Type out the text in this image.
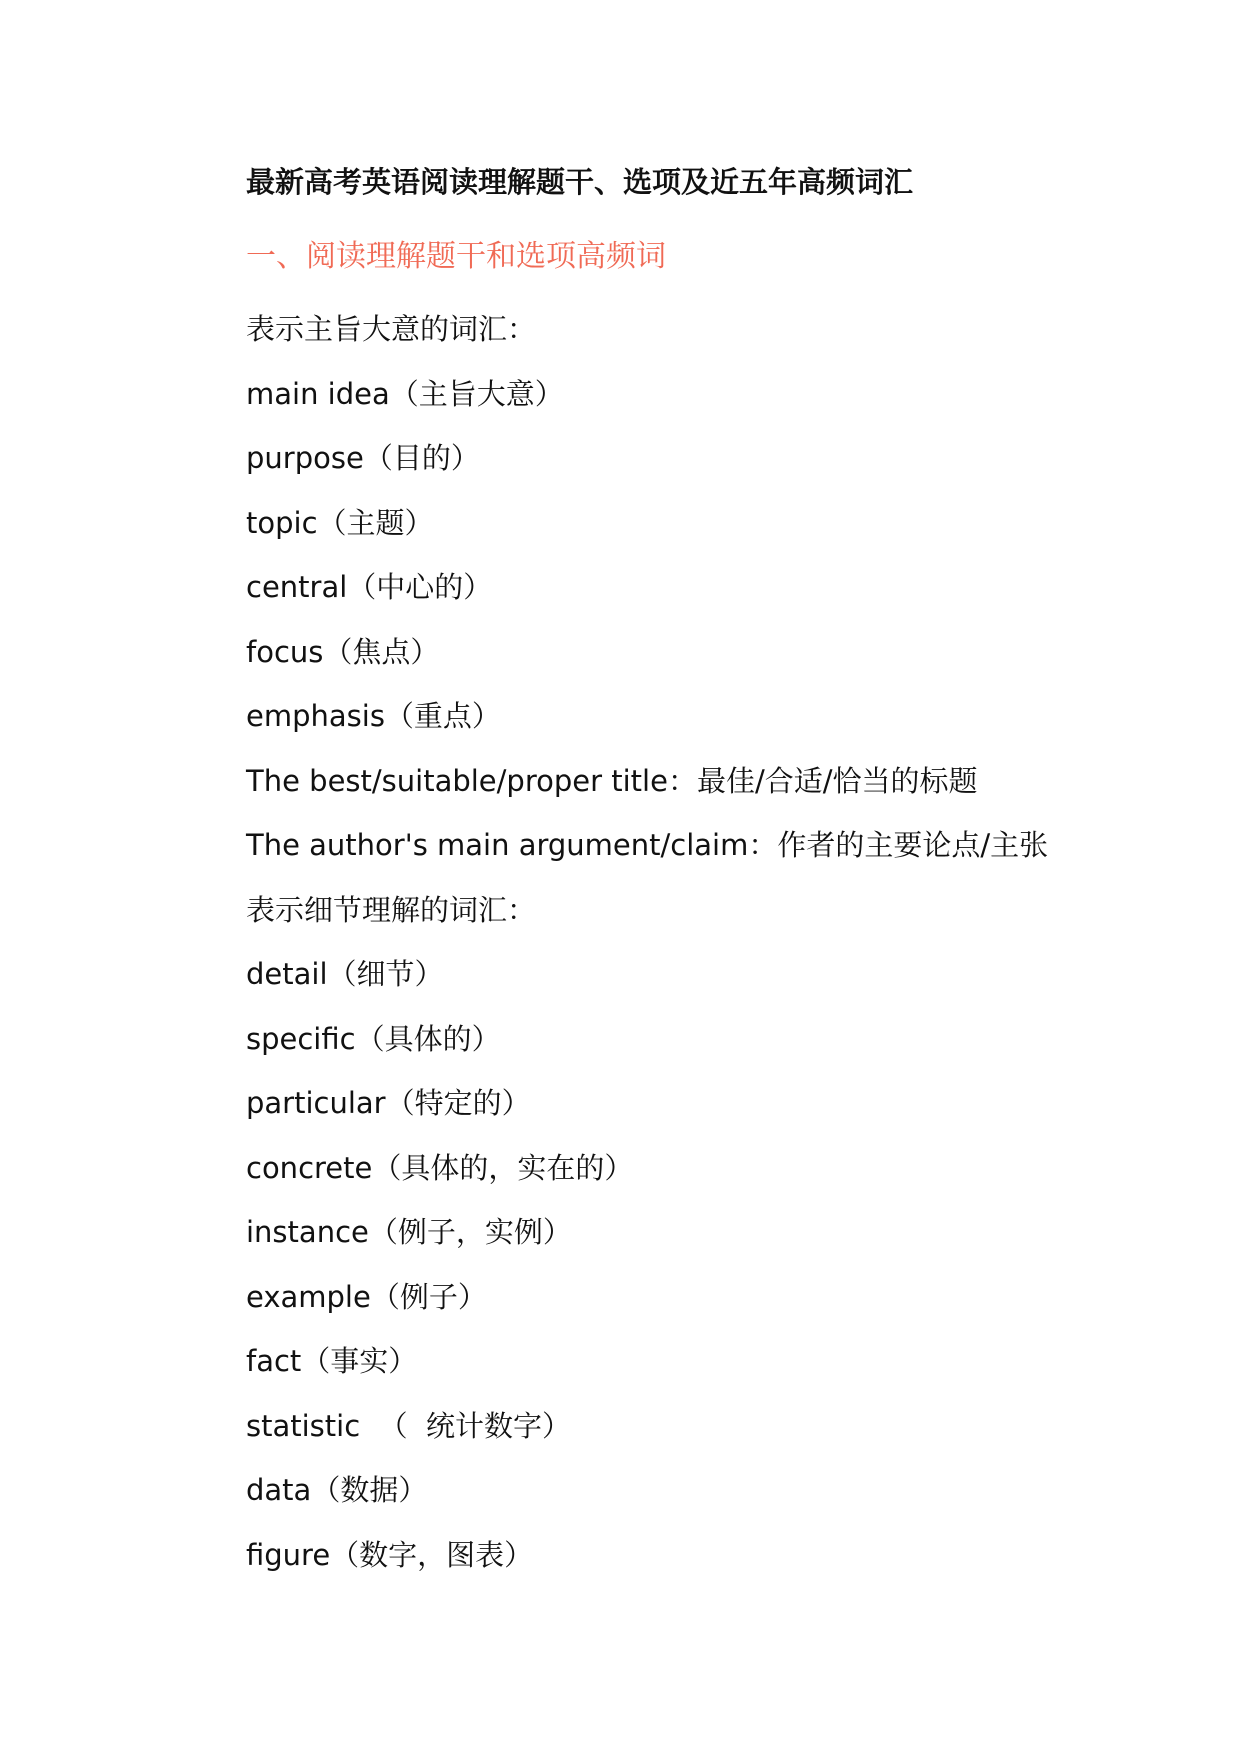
最新高考英语阅读理解题干、选项及近五年高频词汇
一、阅读理解题干和选项高频词
表示主旨大意的词汇：
main idea（主旨大意）
purpose（目的）
topic（主题）
central（中心的）
focus（焦点）
emphasis（重点）
The best/suitable/proper title：最佳/合适/恰当的标题
The author's main argument/claim：作者的主要论点/主张
表示细节理解的词汇：
detail（细节）
specific（具体的）
particular（特定的）
concrete（具体的，实在的）
instance（例子，实例）
example（例子）
fact（事实）
statistic  （  统计数字）
data（数据）
figure（数字，图表）
